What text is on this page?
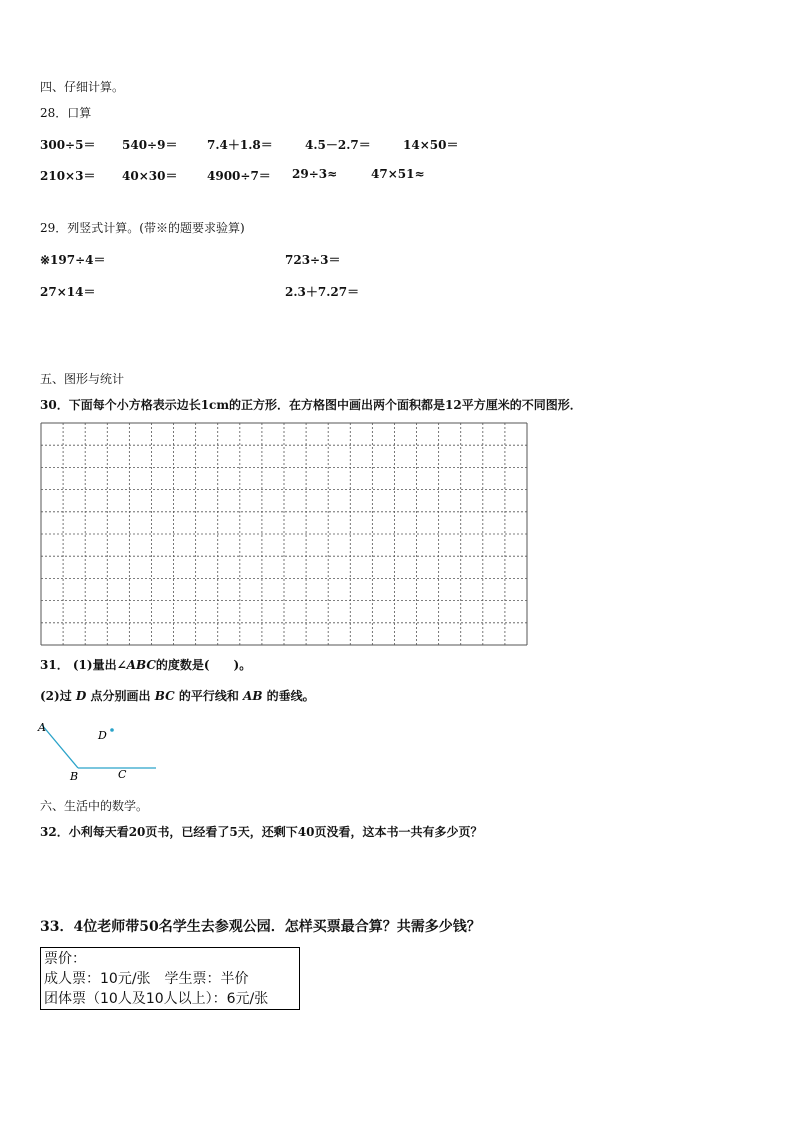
四、仔细计算。
28．口算
300÷5＝ 540÷9＝ 7.4＋1.8＝	4.5－2.7＝	14×50＝
210×3＝ 40×30＝ 4900÷7＝ 29÷3≈	47×51≈
29．列竖式计算。(带※的题要求验算)
※197÷4＝	723÷3＝
27×14＝	2.3＋7.27＝
五、图形与统计
30．下面每个小方格表示边长1cm的正方形．在方格图中画出两个面积都是12平方厘米的不同图形．
31． (1)量出∠ABC的度数是(　　)。
(2)过 D 点分别画出 BC 的平行线和 AB 的垂线。
A
B	C
D
六、生活中的数学。
32．小利每天看20页书，已经看了5天，还剩下40页没看，这本书一共有多少页？
33．4位老师带50名学生去参观公园．怎样买票最合算？共需多少钱？
票价：
成人票：10元/张　学生票：半价
团体票（10人及10人以上）：6元/张
